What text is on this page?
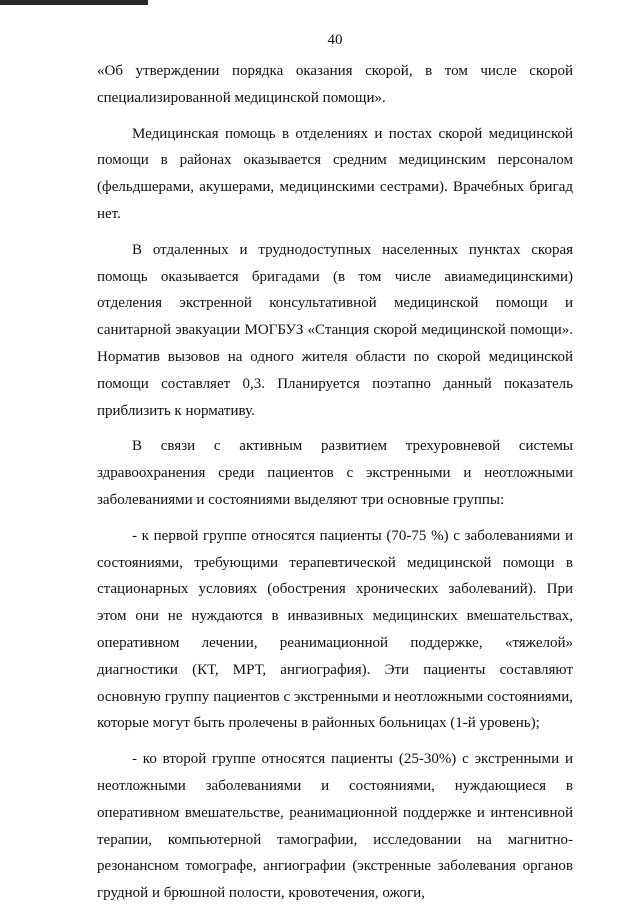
40

«Об утверждении порядка оказания скорой, в том числе скорой специализированной медицинской помощи».

Медицинская помощь в отделениях и постах скорой медицинской помощи в районах оказывается средним медицинским персоналом (фельдшерами, акушерами, медицинскими сестрами). Врачебных бригад нет.

В отдаленных и труднодоступных населенных пунктах скорая помощь оказывается бригадами (в том числе авиамедицинскими) отделения экстренной консультативной медицинской помощи и санитарной эвакуации МОГБУЗ «Станция скорой медицинской помощи». Норматив вызовов на одного жителя области по скорой медицинской помощи составляет 0,3. Планируется поэтапно данный показатель приблизить к нормативу.

В связи с активным развитием трехуровневой системы здравоохранения среди пациентов с экстренными и неотложными заболеваниями и состояниями выделяют три основные группы:

- к первой группе относятся пациенты (70-75 %) с заболеваниями и состояниями, требующими терапевтической медицинской помощи в стационарных условиях (обострения хронических заболеваний). При этом они не нуждаются в инвазивных медицинских вмешательствах, оперативном лечении, реанимационной поддержке, «тяжелой» диагностики (КТ, МРТ, ангиография). Эти пациенты составляют основную группу пациентов с экстренными и неотложными состояниями, которые могут быть пролечены в районных больницах (1-й уровень);

- ко второй группе относятся пациенты (25-30%) с экстренными и неотложными заболеваниями и состояниями, нуждающиеся в оперативном вмешательстве, реанимационной поддержке и интенсивной терапии, компьютерной тамографии, исследовании на магнитно-резонансном томографе, ангиографии (экстренные заболевания органов грудной и брюшной полости, кровотечения, ожоги,
